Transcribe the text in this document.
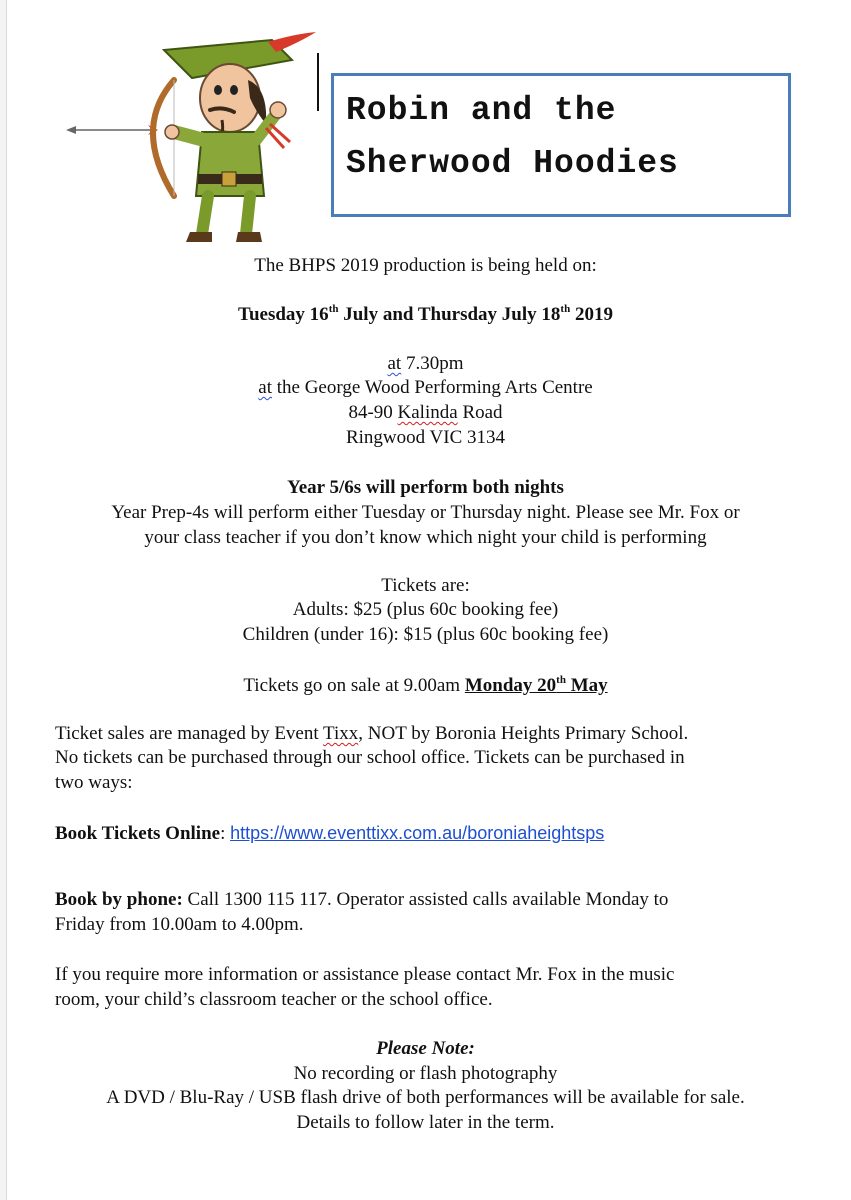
Robin and the
Sherwood Hoodies
The BHPS 2019 production is being held on:
Tuesday 16th July and Thursday July 18th 2019
at 7.30pm
at the George Wood Performing Arts Centre
84-90 Kalinda Road
Ringwood VIC 3134
Year 5/6s will perform both nights
Year Prep-4s will perform either Tuesday or Thursday night. Please see Mr. Fox or
your class teacher if you don’t know which night your child is performing
Tickets are:
Adults: $25 (plus 60c booking fee)
Children (under 16): $15 (plus 60c booking fee)
Tickets go on sale at 9.00am Monday 20th May
Ticket sales are managed by Event Tixx, NOT by Boronia Heights Primary School.
No tickets can be purchased through our school office. Tickets can be purchased in
two ways:
Book Tickets Online: https://www.eventtixx.com.au/boroniaheightsps
Book by phone: Call 1300 115 117. Operator assisted calls available Monday to
Friday from 10.00am to 4.00pm.
If you require more information or assistance please contact Mr. Fox in the music
room, your child’s classroom teacher or the school office.
Please Note:
No recording or flash photography
A DVD / Blu-Ray / USB flash drive of both performances will be available for sale.
Details to follow later in the term.
